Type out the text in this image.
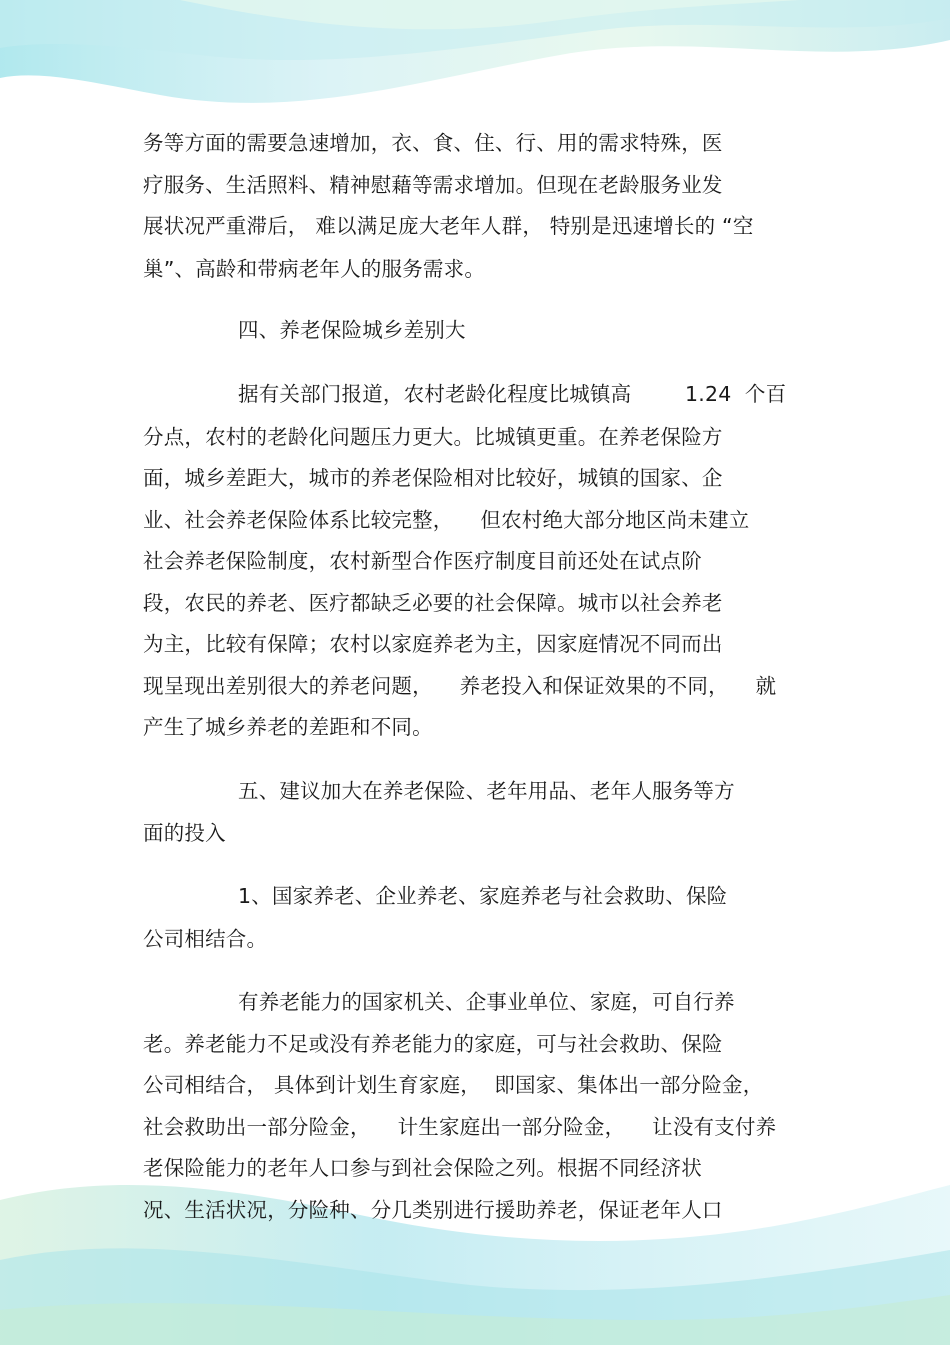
务等方面的需要急速增加，衣、食、住、行、用的需求特殊，医

疗服务、生活照料、精神慰藉等需求增加。但现在老龄服务业发

展状况严重滞后， 难以满足庞大老年人群， 特别是迅速增长的 “空

巢”、高龄和带病老年人的服务需求。

四、养老保险城乡差别大

据有关部门报道，农村老龄化程度比城镇高        1.24  个百

分点，农村的老龄化问题压力更大。比城镇更重。在养老保险方

面，城乡差距大，城市的养老保险相对比较好，城镇的国家、企

业、社会养老保险体系比较完整，    但农村绝大部分地区尚未建立

社会养老保险制度，农村新型合作医疗制度目前还处在试点阶

段，农民的养老、医疗都缺乏必要的社会保障。城市以社会养老

为主，比较有保障；农村以家庭养老为主，因家庭情况不同而出

现呈现出差别很大的养老问题，    养老投入和保证效果的不同，    就

产生了城乡养老的差距和不同。

五、建议加大在养老保险、老年用品、老年人服务等方

面的投入

1、国家养老、企业养老、家庭养老与社会救助、保险

公司相结合。

有养老能力的国家机关、企事业单位、家庭，可自行养

老。养老能力不足或没有养老能力的家庭，可与社会救助、保险

公司相结合， 具体到计划生育家庭，  即国家、集体出一部分险金，

社会救助出一部分险金，    计生家庭出一部分险金，    让没有支付养

老保险能力的老年人口参与到社会保险之列。根据不同经济状

况、生活状况，分险种、分几类别进行援助养老，保证老年人口
